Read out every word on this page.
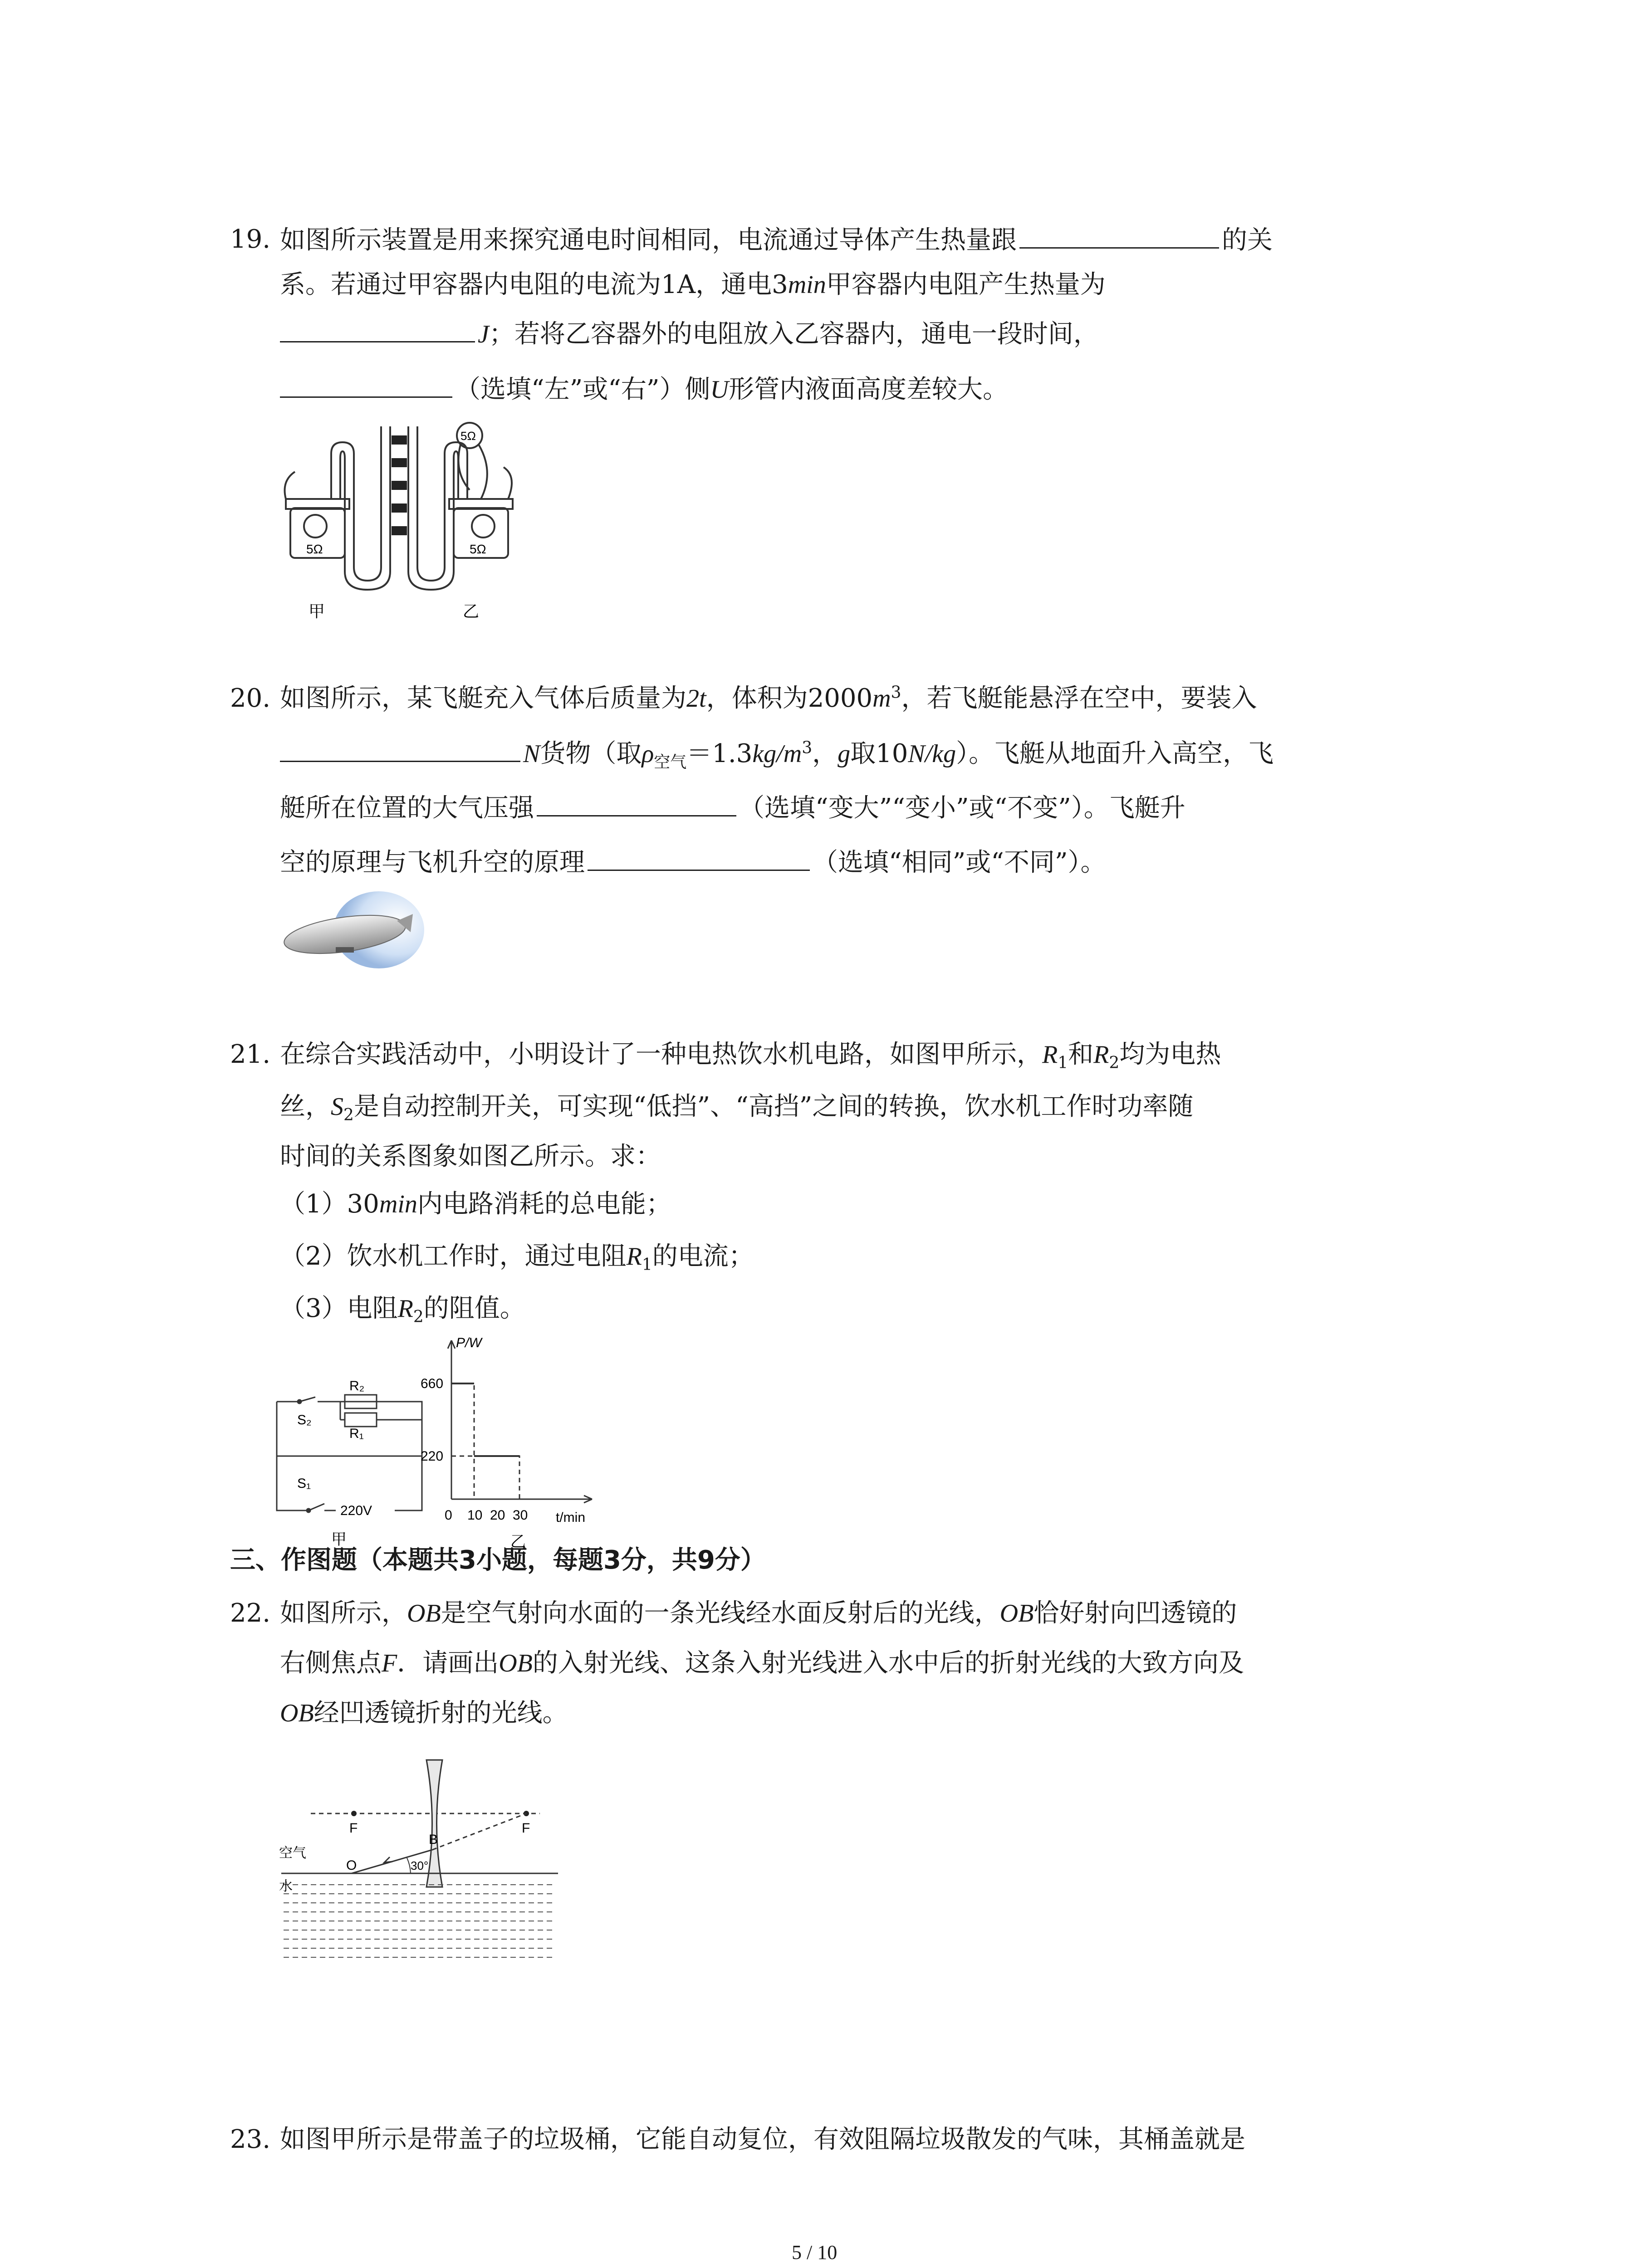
19. 如图所示装置是用来探究通电时间相同，电流通过导体产生热量跟	的关
系。若通过甲容器内电阻的电流为1A，通电3min甲容器内电阻产生热量为
J；若将乙容器外的电阻放入乙容器内，通电一段时间，
（选填“左”或“右”）侧U形管内液面高度差较大。
5Ω	5Ω
5Ω
甲	乙
20. 如图所示，某飞艇充入气体后质量为2t，体积为$2000m^3$，若飞艇能悬浮在空中，要装入
N货物（取$\rho_{空气}=1.3kg/m^3$，g取10N/kg）。飞艇从地面升入高空，飞
艇所在位置的大气压强	（选填“变大”“变小”或“不变”）。飞艇升
空的原理与飞机升空的原理	（选填“相同”或“不同”）。
21. 在综合实践活动中，小明设计了一种电热饮水机电路，如图甲所示，$R_1$和$R_2$均为电热
丝，$S_2$是自动控制开关，可实现“低挡”、“高挡”之间的转换，饮水机工作时功率随
时间的关系图象如图乙所示。求：
（1）30min内电路消耗的总电能；
（2）饮水机工作时，通过电阻$R_1$的电流；
（3）电阻$R_2$的阻值。
S₂
R₂
R₁
S₁
220V
甲
P/W
660
220
0 10 20 30 t/min
乙
三、作图题（本题共3小题，每题3分，共9分）
22. 如图所示，OB是空气射向水面的一条光线经水面反射后的光线，OB恰好射向凹透镜的
右侧焦点F．请画出OB的入射光线、这条入射光线进入水中后的折射光线的大致方向及
OB经凹透镜折射的光线。
F	F
B
O	30°
空气
水
23. 如图甲所示是带盖子的垃圾桶，它能自动复位，有效阻隔垃圾散发的气味，其桶盖就是
5 / 10
